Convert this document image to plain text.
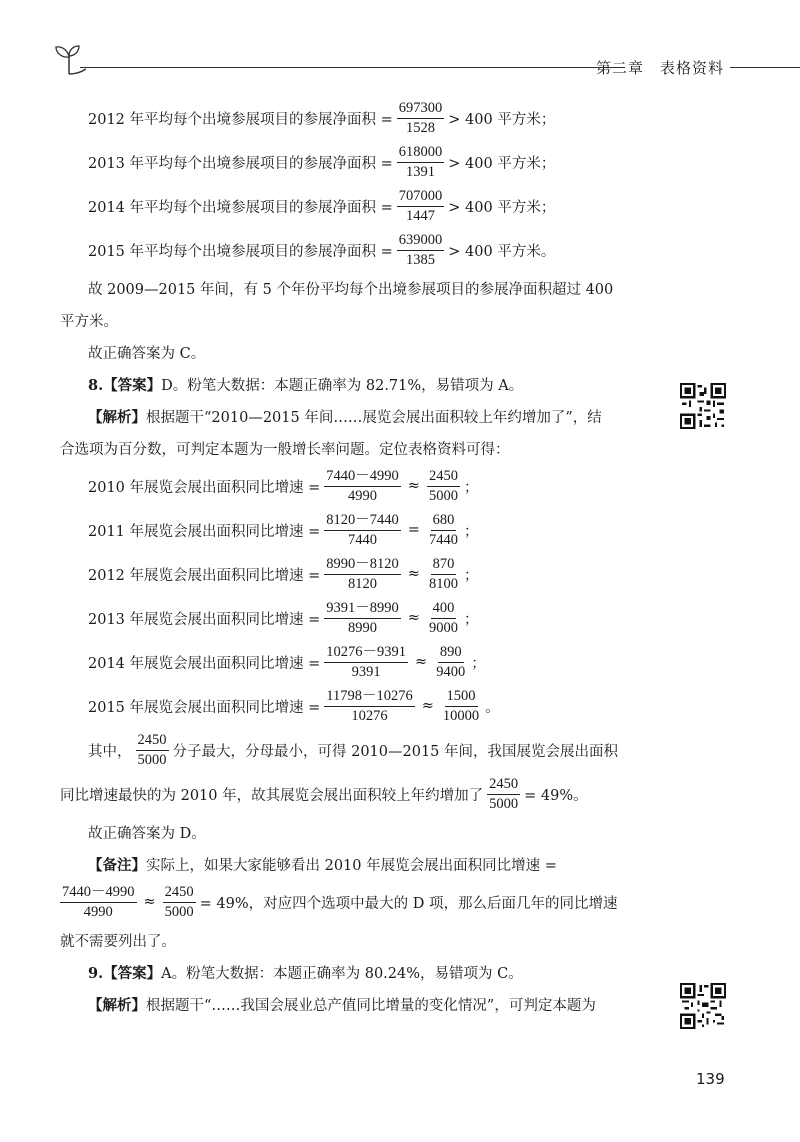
第二章　表格资料
2012 年平均每个出境参展项目的参展净面积 = $\frac{697300}{1528} > 400$ 平方米；
2013 年平均每个出境参展项目的参展净面积 = $\frac{618000}{1391} > 400$ 平方米；
2014 年平均每个出境参展项目的参展净面积 = $\frac{707000}{1447} > 400$ 平方米；
2015 年平均每个出境参展项目的参展净面积 = $\frac{639000}{1385} > 400$ 平方米。
故 2009—2015 年间，有 5 个年份平均每个出境参展项目的参展净面积超过 400
平方米。
故正确答案为 C。
8.【答案】 D。粉笔大数据：本题正确率为 82.71%，易错项为 A。
【解析】 根据题干“2010—2015 年间……展览会展出面积较上年约增加了”，结
合选项为百分数，可判定本题为一般增长率问题。定位表格资料可得：
2010 年展览会展出面积同比增速 = $\frac{7440-4990}{4990} \approx \frac{2450}{5000}$ ；
2011 年展览会展出面积同比增速 = $\frac{8120-7440}{7440} = \frac{680}{7440}$ ；
2012 年展览会展出面积同比增速 = $\frac{8990-8120}{8120} \approx \frac{870}{8100}$ ；
2013 年展览会展出面积同比增速 = $\frac{9391-8990}{8990} \approx \frac{400}{9000}$ ；
2014 年展览会展出面积同比增速 = $\frac{10276-9391}{9391} \approx \frac{890}{9400}$ ；
2015 年展览会展出面积同比增速 = $\frac{11798-10276}{10276} \approx \frac{1500}{10000}$ 。
其中， $\frac{2450}{5000}$ 分子最大，分母最小，可得 2010—2015 年间，我国展览会展出面积
同比增速最快的为 2010 年，故其展览会展出面积较上年约增加了 $\frac{2450}{5000} = 49\%$。
故正确答案为 D。
【备注】 实际上，如果大家能够看出 2010 年展览会展出面积同比增速 =
$\frac{7440-4990}{4990} \approx \frac{2450}{5000} = 49\%$，对应四个选项中最大的 D 项，那么后面几年的同比增速
就不需要列出了。
9.【答案】 A。粉笔大数据：本题正确率为 80.24%，易错项为 C。
【解析】 根据题干“……我国会展业总产值同比增量的变化情况”，可判定本题为
139
